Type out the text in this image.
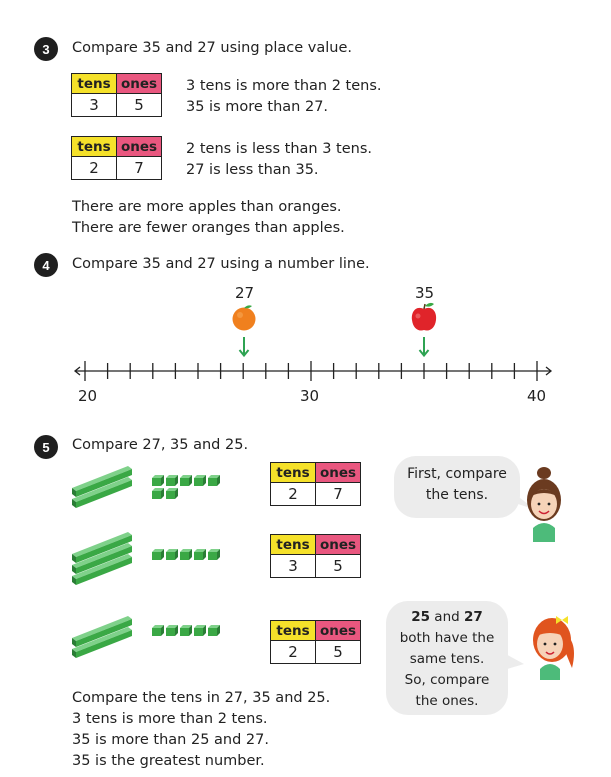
3 Compare 35 and 27 using place value.
tens	ones
3	5
3 tens is more than 2 tens.
35 is more than 27.
tens	ones
2	7
2 tens is less than 3 tens.
27 is less than 35.
There are more apples than oranges.
There are fewer oranges than apples.
4 Compare 35 and 27 using a number line.
27	35
20	30	40
5 Compare 27, 35 and 25.
tens	ones
2	7
tens	ones
3	5
tens	ones
2	5
First, compare
the tens.
25 and 27
both have the
same tens.
So, compare
the ones.
Compare the tens in 27, 35 and 25.
3 tens is more than 2 tens.
35 is more than 25 and 27.
35 is the greatest number.
